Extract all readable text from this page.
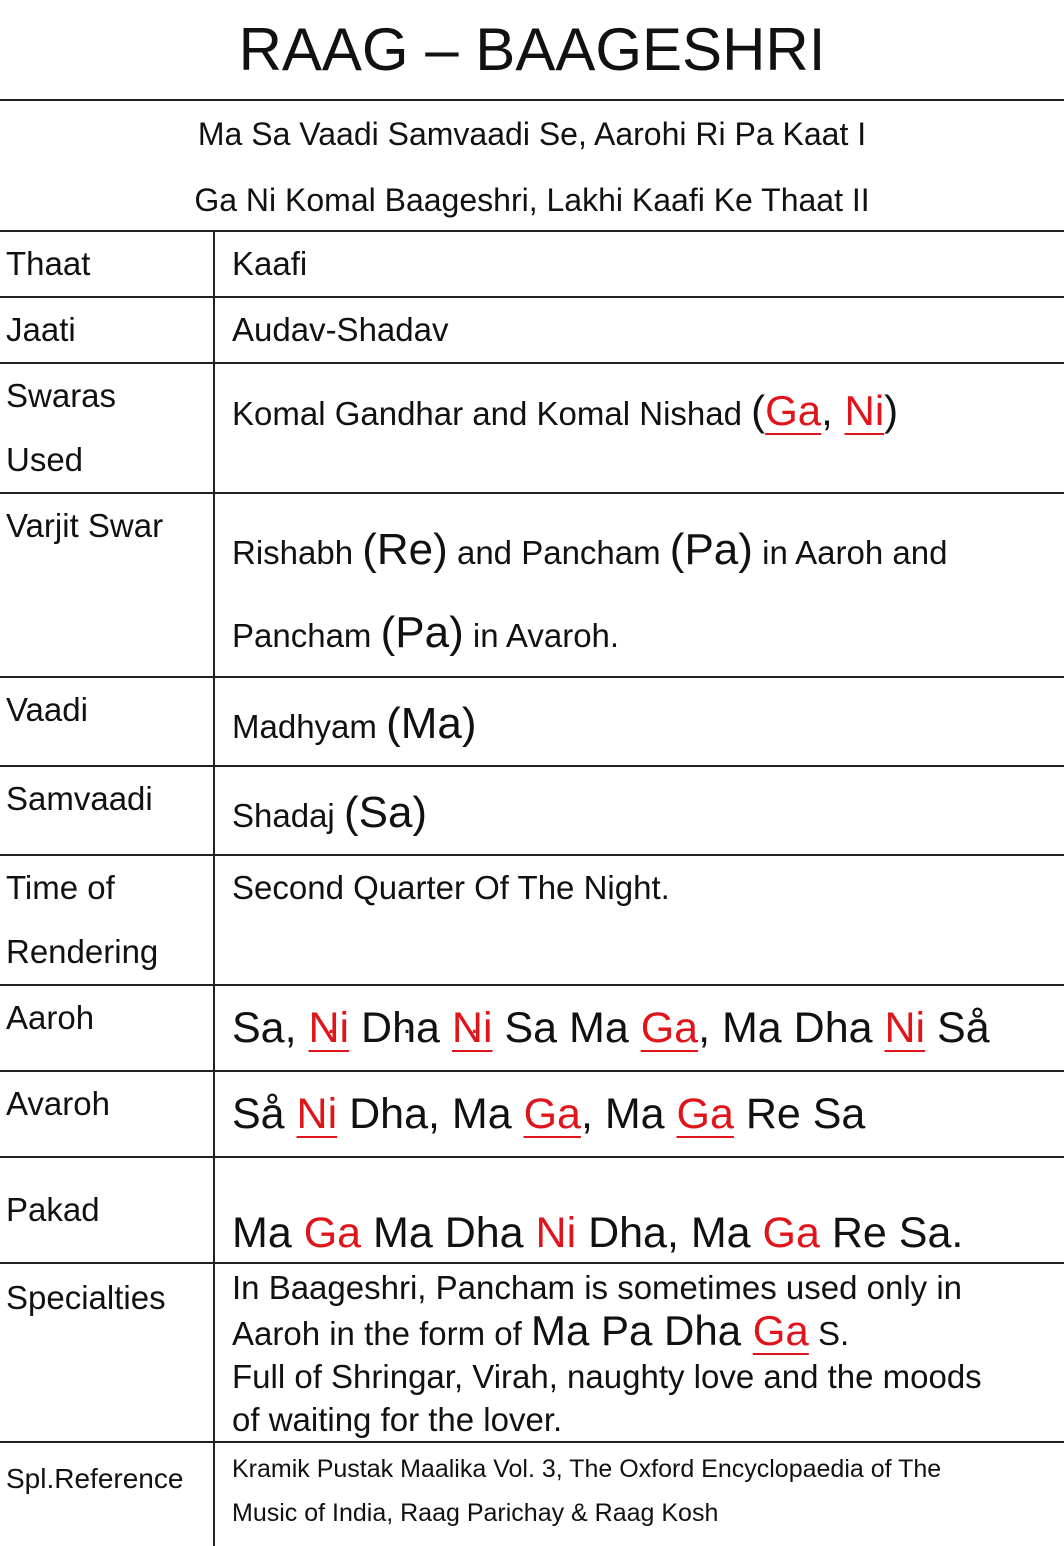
RAAG – BAAGESHRI
Ma Sa Vaadi Samvaadi Se, Aarohi Ri Pa Kaat I
Ga Ni Komal Baageshri, Lakhi Kaafi Ke Thaat II
Thaat	Kaafi
Jaati	Audav-Shadav
Swaras
Used	Komal Gandhar and Komal Nishad (Ga, Ni)
Varjit Swar	Rishabh (Re) and Pancham (Pa) in Aaroh and
Pancham (Pa) in Avaroh.

Vaadi	Madhyam (Ma)
Samvaadi	Shadaj (Sa)
Time of
Rendering	Second Quarter Of The Night.
Aaroh	Sa, Ni . Dh .a Ni . Sa Ma Ga, Ma Dha Ni Så
Avaroh	Så Ni Dha, Ma Ga, Ma Ga Re Sa
Pakad	Ma Ga Ma Dha Ni Dha, Ma Ga Re Sa.
Specialties	In Baageshri, Pancham is sometimes used only in
Aaroh in the form of Ma Pa Dha Ga S.
Full of Shringar, Virah, naughty love and the moods
of waiting for the lover.

Spl.Reference	Kramik Pustak Maalika Vol. 3, The Oxford Encyclopaedia of The
Music of India, Raag Parichay & Raag Kosh
